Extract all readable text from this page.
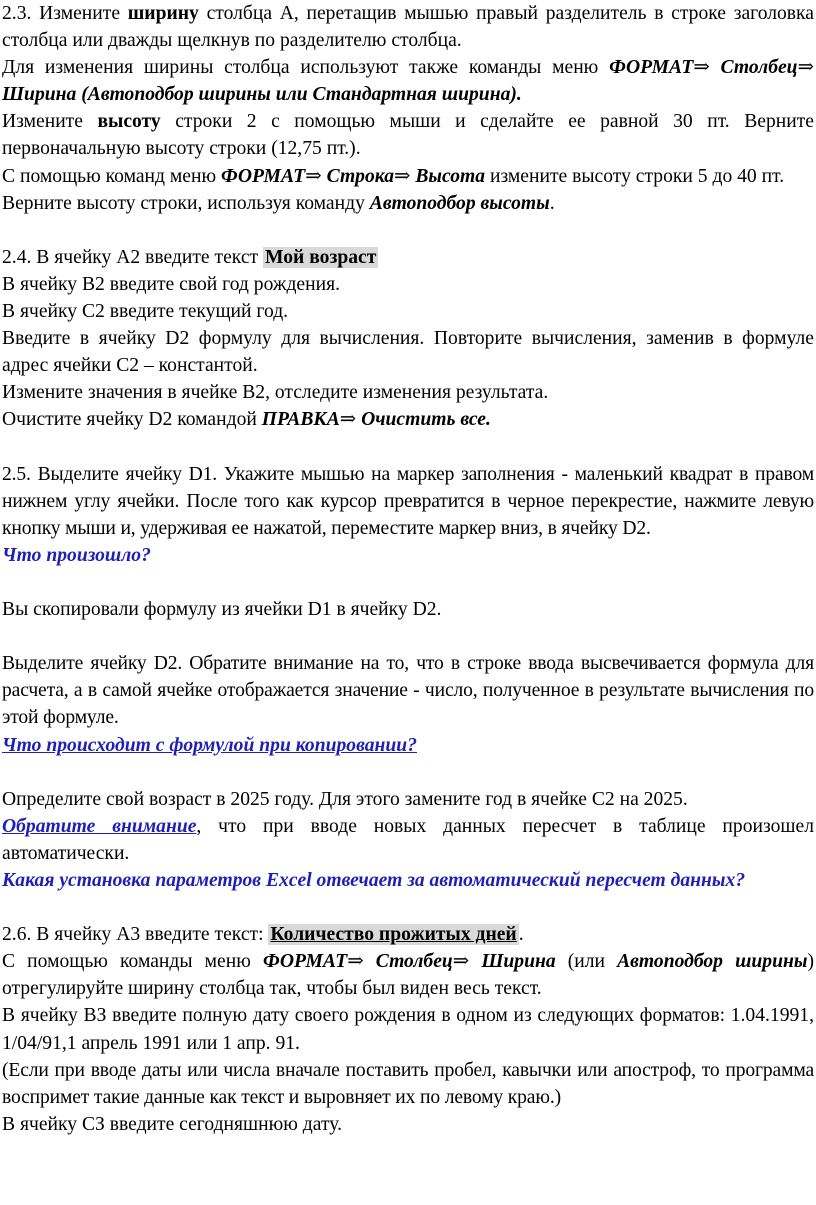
2.3. Измените ширину столбца А, перетащив мышью правый разделитель в строке заголовка столбца или дважды щелкнув по разделителю столбца.

Для изменения ширины столбца используют также команды меню ФОРМАТ⇒ Столбец⇒ Ширина (Автоподбор ширины или Стандартная ширина).

Измените высоту строки 2 с помощью мыши и сделайте ее равной 30 пт. Верните первоначальную высоту строки (12,75 пт.).

С помощью команд меню ФОРМАТ⇒ Строка⇒ Высота измените высоту строки 5 до 40 пт.

Верните высоту строки, используя команду Автоподбор высоты.

2.4. В ячейку А2 введите текст Мой возраст

В ячейку В2 введите свой год рождения.

В ячейку С2 введите текущий год.

Введите в ячейку D2 формулу для вычисления. Повторите вычисления, заменив в формуле адрес ячейки С2 – константой.

Измените значения в ячейке В2, отследите изменения результата.

Очистите ячейку D2 командой ПРАВКА⇒ Очистить все.

2.5. Выделите ячейку D1. Укажите мышью на маркер заполнения - маленький квадрат в правом нижнем углу ячейки. После того как курсор превратится в черное перекрестие, нажмите левую кнопку мыши и, удерживая ее нажатой, переместите маркер вниз, в ячейку D2.

Что произошло?

Вы скопировали формулу из ячейки D1 в ячейку D2.

Выделите ячейку D2. Обратите внимание на то, что в строке ввода высвечивается формула для расчета, а в самой ячейке отображается значение - число, полученное в результате вычисления по этой формуле.

Что происходит с формулой при копировании?

Определите свой возраст в 2025 году. Для этого замените год в ячейке С2 на 2025.

Обратите внимание, что при вводе новых данных пересчет в таблице произошел автоматически.

Какая установка параметров Excel отвечает за автоматический пересчет данных?

2.6. В ячейку А3 введите текст: Количество прожитых дней .

С помощью команды меню ФОРМАТ⇒ Столбец⇒ Ширина (или Автоподбор ширины) отрегулируйте ширину столбца так, чтобы был виден весь текст.

В ячейку ВЗ введите полную дату своего рождения в одном из следующих форматов: 1.04.1991, 1/04/91,1 апрель 1991 или 1 апр. 91.

(Если при вводе даты или числа вначале поставить пробел, кавычки или апостроф, то программа воспримет такие данные как текст и выровняет их по левому краю.)

В ячейку СЗ введите сегодняшнюю дату.
